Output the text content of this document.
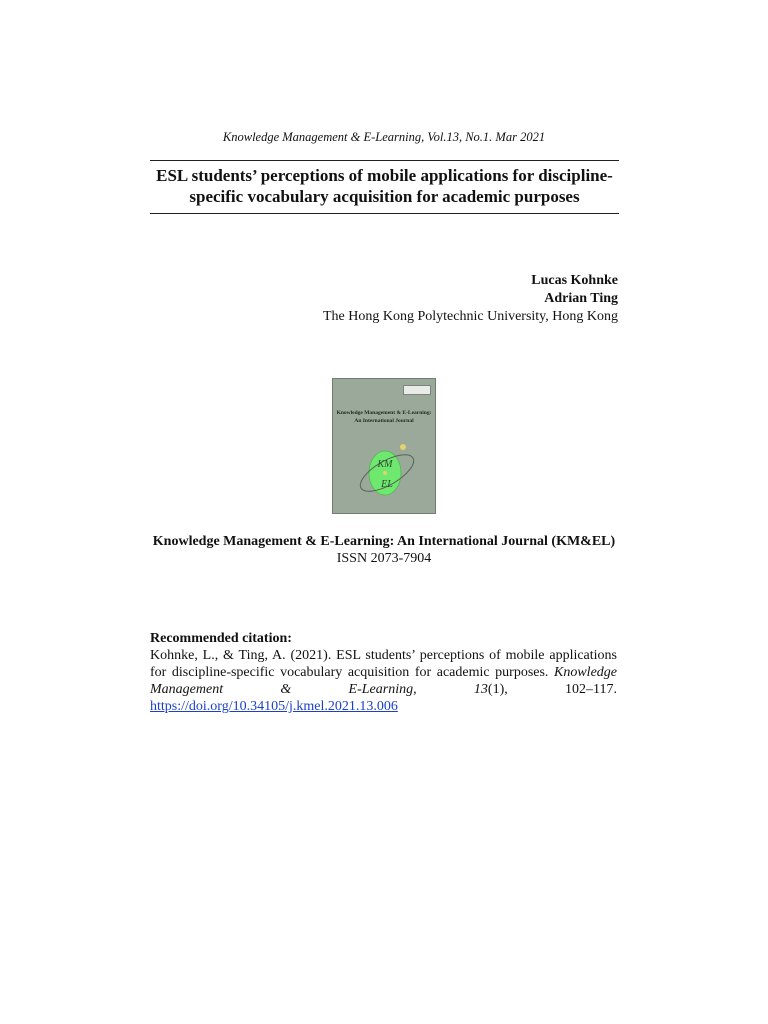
Knowledge Management & E-Learning, Vol.13, No.1. Mar 2021
ESL students’ perceptions of mobile applications for discipline-specific vocabulary acquisition for academic purposes
Lucas Kohnke
Adrian Ting
The Hong Kong Polytechnic University, Hong Kong
Knowledge Management & E-Learning:
An International Journal
KM
EL
Knowledge Management & E-Learning: An International Journal (KM&EL)
ISSN 2073-7904
Recommended citation:
Kohnke, L., & Ting, A. (2021). ESL students’ perceptions of mobile applications for discipline-specific vocabulary acquisition for academic purposes. Knowledge Management & E-Learning, 13(1), 102–117. https://doi.org/10.34105/j.kmel.2021.13.006
